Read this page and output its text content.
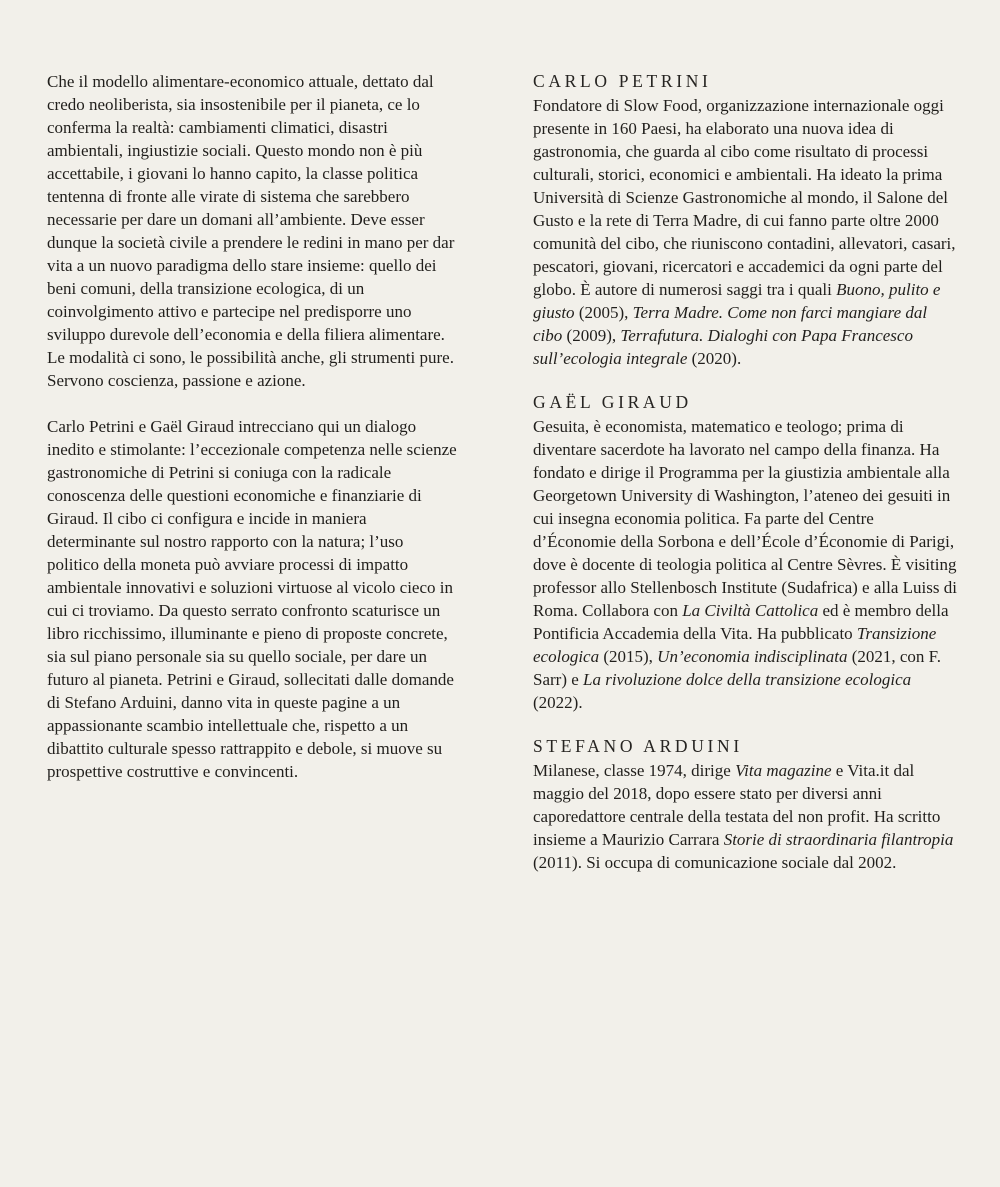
Che il modello alimentare-economico attuale, dettato dal credo neoliberista, sia insostenibile per il pianeta, ce lo conferma la realtà: cambiamenti climatici, disastri ambientali, ingiustizie sociali. Questo mondo non è più accettabile, i giovani lo hanno capito, la classe politica tentenna di fronte alle virate di sistema che sarebbero necessarie per dare un domani all’ambiente. Deve esser dunque la società civile a prendere le redini in mano per dar vita a un nuovo paradigma dello stare insieme: quello dei beni comuni, della transizione ecologica, di un coinvolgimento attivo e partecipe nel predisporre uno sviluppo durevole dell’economia e della filiera alimentare. Le modalità ci sono, le possibilità anche, gli strumenti pure. Servono coscienza, passione e azione.

Carlo Petrini e Gaël Giraud intrecciano qui un dialogo inedito e stimolante: l’eccezionale competenza nelle scienze gastronomiche di Petrini si coniuga con la radicale conoscenza delle questioni economiche e finanziarie di Giraud. Il cibo ci configura e incide in maniera determinante sul nostro rapporto con la natura; l’uso politico della moneta può avviare processi di impatto ambientale innovativi e soluzioni virtuose al vicolo cieco in cui ci troviamo. Da questo serrato confronto scaturisce un libro ricchissimo, illuminante e pieno di proposte concrete, sia sul piano personale sia su quello sociale, per dare un futuro al pianeta. Petrini e Giraud, sollecitati dalle domande di Stefano Arduini, danno vita in queste pagine a un appassionante scambio intellettuale che, rispetto a un dibattito culturale spesso rattrappito e debole, si muove su prospettive costruttive e convincenti.

CARLO PETRINI

Fondatore di Slow Food, organizzazione internazionale oggi presente in 160 Paesi, ha elaborato una nuova idea di gastronomia, che guarda al cibo come risultato di processi culturali, storici, economici e ambientali. Ha ideato la prima Università di Scienze Gastronomiche al mondo, il Salone del Gusto e la rete di Terra Madre, di cui fanno parte oltre 2000 comunità del cibo, che riuniscono contadini, allevatori, casari, pescatori, giovani, ricercatori e accademici da ogni parte del globo. È autore di numerosi saggi tra i quali Buono, pulito e giusto (2005), Terra Madre. Come non farci mangiare dal cibo (2009), Terrafutura. Dialoghi con Papa Francesco sull’ecologia integrale (2020).

GAËL GIRAUD

Gesuita, è economista, matematico e teologo; prima di diventare sacerdote ha lavorato nel campo della finanza. Ha fondato e dirige il Programma per la giustizia ambientale alla Georgetown University di Washington, l’ateneo dei gesuiti in cui insegna economia politica. Fa parte del Centre d’Économie della Sorbona e dell’École d’Économie di Parigi, dove è docente di teologia politica al Centre Sèvres. È visiting professor allo Stellenbosch Institute (Sudafrica) e alla Luiss di Roma. Collabora con La Civiltà Cattolica ed è membro della Pontificia Accademia della Vita. Ha pubblicato Transizione ecologica (2015), Un’economia indisciplinata (2021, con F. Sarr) e La rivoluzione dolce della transizione ecologica (2022).

STEFANO ARDUINI

Milanese, classe 1974, dirige Vita magazine e Vita.it dal maggio del 2018, dopo essere stato per diversi anni caporedattore centrale della testata del non profit. Ha scritto insieme a Maurizio Carrara Storie di straordinaria filantropia (2011). Si occupa di comunicazione sociale dal 2002.
